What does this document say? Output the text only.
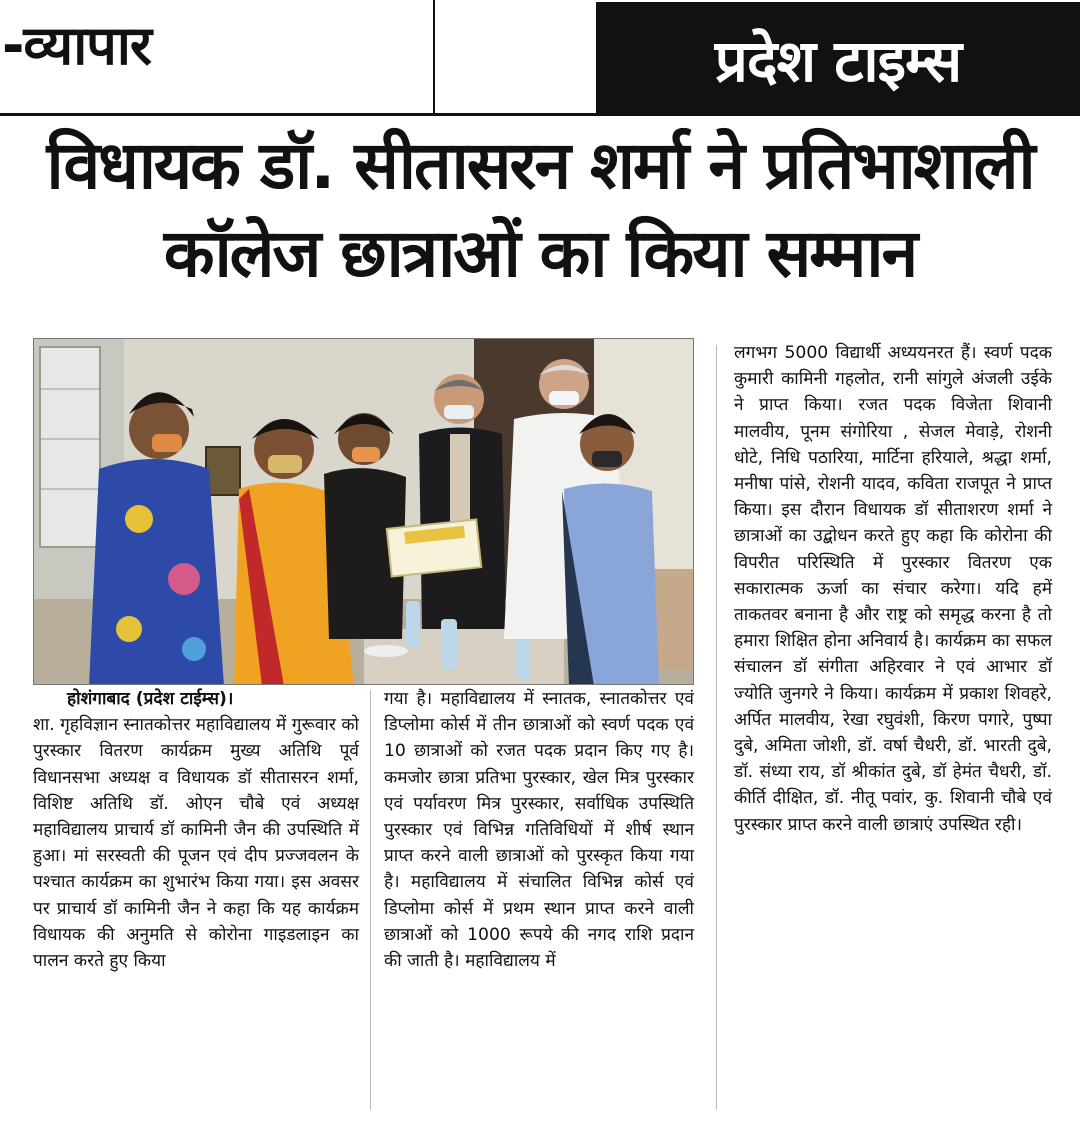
-व्यापार	प्रदेश टाइम्स
विधायक डॉ. सीतासरन शर्मा ने प्रतिभाशाली कॉलेज छात्राओं का किया सम्मान

होशंगाबाद (प्रदेश टाईम्स)।

शा. गृहविज्ञान स्नातकोत्तर महाविद्यालय में गुरूवार को पुरस्कार वितरण कार्यक्रम मुख्य अतिथि पूर्व विधानसभा अध्यक्ष व विधायक डॉ सीतासरन शर्मा, विशिष्ट अतिथि डॉ. ओएन चौबे एवं अध्यक्ष महाविद्यालय प्राचार्य डॉ कामिनी जैन की उपस्थिति में हुआ। मां सरस्वती की पूजन एवं दीप प्रज्जवलन के पश्चात कार्यक्रम का शुभारंभ किया गया। इस अवसर पर प्राचार्य डॉ कामिनी जैन ने कहा कि यह कार्यक्रम विधायक की अनुमति से कोरोना गाइडलाइन का पालन करते हुए किया

गया है। महाविद्यालय में स्नातक, स्नातकोत्तर एवं डिप्लोमा कोर्स में तीन छात्राओं को स्वर्ण पदक एवं 10 छात्राओं को रजत पदक प्रदान किए गए है। कमजोर छात्रा प्रतिभा पुरस्कार, खेल मित्र पुरस्कार एवं पर्यावरण मित्र पुरस्कार, सर्वाधिक उपस्थिति पुरस्कार एवं विभिन्न गतिविधियों में शीर्ष स्थान प्राप्त करने वाली छात्राओं को पुरस्कृत किया गया है। महाविद्यालय में संचालित विभिन्न कोर्स एवं डिप्लोमा कोर्स में प्रथम स्थान प्राप्त करने वाली छात्राओं को 1000 रूपये की नगद राशि प्रदान की जाती है। महाविद्यालय में

लगभग 5000 विद्यार्थी अध्ययनरत हैं। स्वर्ण पदक कुमारी कामिनी गहलोत, रानी सांगुले अंजली उईके ने प्राप्त किया। रजत पदक विजेता शिवानी मालवीय, पूनम संगोरिया , सेजल मेवाड़े, रोशनी धोटे, निधि पठारिया, मार्टिना हरियाले, श्रद्धा शर्मा, मनीषा पांसे, रोशनी यादव, कविता राजपूत ने प्राप्त किया। इस दौरान विधायक डॉ सीताशरण शर्मा ने छात्राओं का उद्बोधन करते हुए कहा कि कोरोना की विपरीत परिस्थिति में पुरस्कार वितरण एक सकारात्मक ऊर्जा का संचार करेगा। यदि हमें ताकतवर बनाना है और राष्ट्र को समृद्ध करना है तो हमारा शिक्षित होना अनिवार्य है। कार्यक्रम का सफल संचालन डॉ संगीता अहिरवार ने एवं आभार डॉ ज्योति जुनगरे ने किया। कार्यक्रम में प्रकाश शिवहरे, अर्पित मालवीय, रेखा रघुवंशी, किरण पगारे, पुष्पा दुबे, अमिता जोशी, डॉ. वर्षा चैधरी, डॉ. भारती दुबे, डॉ. संध्या राय, डॉ श्रीकांत दुबे, डॉ हेमंत चैधरी, डॉ. कीर्ति दीक्षित, डॉ. नीतू पवांर, कु. शिवानी चौबे एवं पुरस्कार प्राप्त करने वाली छात्राएं उपस्थित रही।
